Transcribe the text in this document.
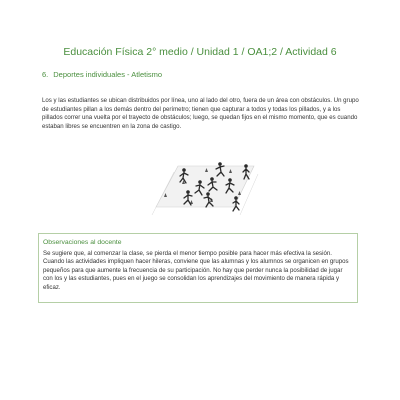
Educación Física 2° medio / Unidad 1 / OA1;2 / Actividad 6
6. Deportes individuales - Atletismo
Los y las estudiantes se ubican distribuidos por línea, uno al lado del otro, fuera de un área con obstáculos. Un grupo de estudiantes pillan a los demás dentro del perímetro; tienen que capturar a todos y todas los pillados, y a los pillados correr una vuelta por el trayecto de obstáculos; luego, se quedan fijos en el mismo momento, que es cuando estaban libres se encuentren en la zona de castigo.
Observaciones al docente
Se sugiere que, al comenzar la clase, se pierda el menor tiempo posible para hacer más efectiva la sesión. Cuando las actividades impliquen hacer hileras, conviene que las alumnas y los alumnos se organicen en grupos pequeños para que aumente la frecuencia de su participación. No hay que perder nunca la posibilidad de jugar con los y las estudiantes, pues en el juego se consolidan los aprendizajes del movimiento de manera rápida y eficaz.
